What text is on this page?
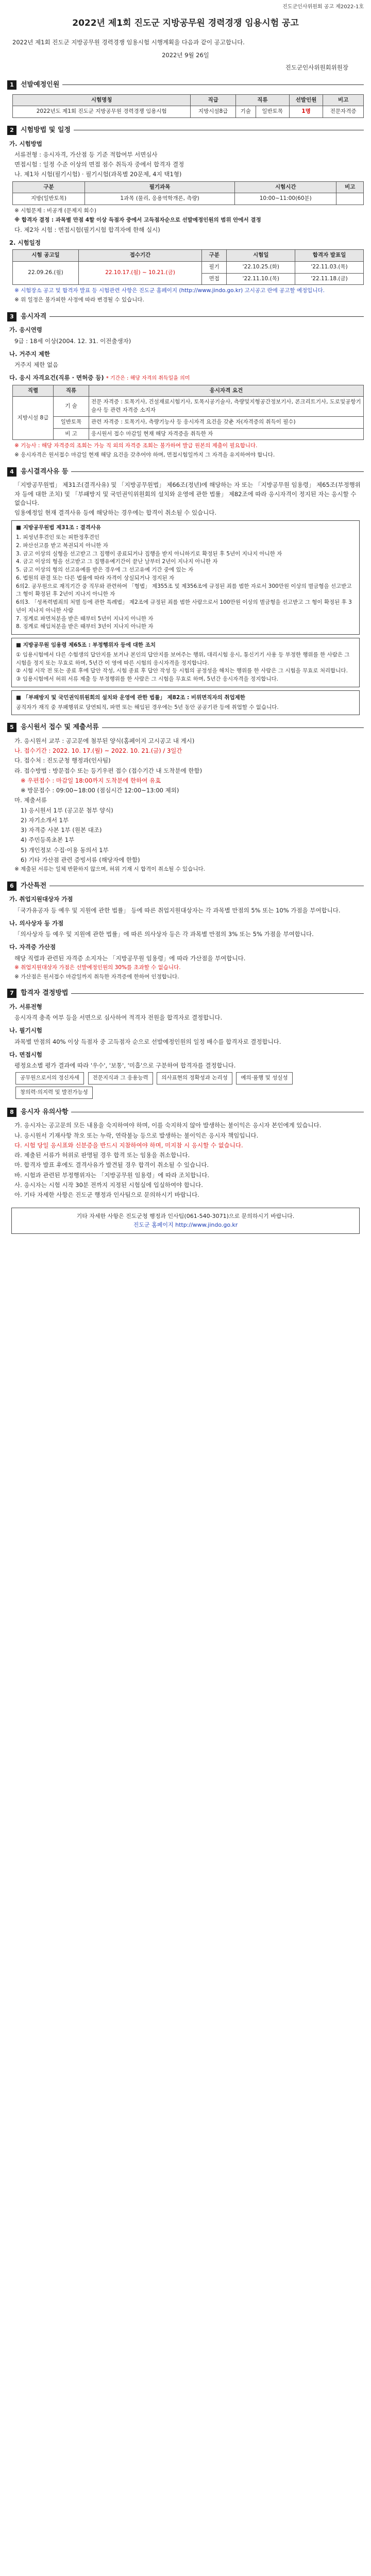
진도군인사위원회 공고 제2022-1호
2022년 제1회 진도군 지방공무원 경력경쟁 임용시험 공고
2022년 제1회 진도군 지방공무원 경력경쟁 임용시험 시행계획을 다음과 같이 공고합니다.
2022년 9월 26일
진도군인사위원회위원장
1	선발예정인원
시험명칭	직급	직류		선발인원	비고
2022년도 제1회 진도군 지방공무원 경력경쟁 임용시험	지방시설8급	기술	일반토목	1명	전문자격증
2	시험방법 및 일정
가. 시험방법
서류전형 : 응시자격, 가산점 등 기준 적합여부 서면심사
면접시험 : 일정 수준 이상의 면접 점수 취득자 중에서 합격자 결정
나. 제1차 시험(필기시험) · 필기시험(과목별 20문제, 4지 택1형)
구분	필기과목	시험시간	비고
지방(일반토목)	1과목 (물리, 응용역학개론, 측량)	10:00~11:00(60분)	
※ 시험문제 : 비공개 (문제지 회수)
※ 합격자 결정 : 과목별 만점 4할 이상 득점자 중에서 고득점자순으로 선발예정인원의 범위 안에서 결정
다. 제2차 시험 : 면접시험(필기시험 합격자에 한해 실시)
2. 시험일정
시험 공고일	접수기간	구분	시험일	합격자 발표일
22.09.26.(월)	22.10.17.(월) ~ 10.21.(금)	필기	'22.10.25.(화)	'22.11.03.(목)
		면접	'22.11.10.(목)	'22.11.18.(금)
※ 시험장소 공고 및 합격자 발표 등 시험관련 사항은 진도군 홈페이지 (http://www.jindo.go.kr) 고시공고 란에 공고할 예정입니다.
※ 위 일정은 불가피한 사정에 따라 변경될 수 있습니다.
3	응시자격
가. 응시연령
9급 : 18세 이상(2004. 12. 31. 이전출생자)
나. 거주지 제한
거주지 제한 없음
다. 응시 자격요건(직류 · 면허증 등) * 기간은 : 해당 자격의 취득일을 의미
직렬	직류	응시자격 요건
지방시설 8급	기 술	전문 자격증 : 토목기사, 건설재료시험기사, 토목시공기술사, 측량및지형공간정보기사, 콘크리트기사, 도로및공항기술사 등 관련 자격증 소지자
	일반토목	관련 자격증 : 토목기사, 측량기능사 등 응시자격 요건을 갖춘 자(자격증의 취득이 필수)
	비 고	응시원서 접수 마감일 현재 해당 자격증을 취득한 자
※ 기능사 : 해당 자격증의 조회는 가능 직 외의 자격증 조회는 불가하여 발급 원본의 제출이 필요합니다.
※ 응시자격은 원서접수 마감일 현재 해당 요건을 갖추어야 하며, 면접시험일까지 그 자격을 유지하여야 합니다.
4	응시결격사유 등
「지방공무원법」 제31조(결격사유) 및 「지방공무원법」 제66조(정년)에 해당하는 자 또는 「지방공무원 임용령」 제65조(부정행위자 등에 대한 조치) 및 「부패방지 및 국민권익위원회의 설치와 운영에 관한 법률」 제82조에 따라 응시자격이 정지된 자는 응시할 수 없습니다.
임용예정일 현재 결격사유 등에 해당하는 경우에는 합격이 취소될 수 있습니다.
■ 지방공무원법 제31조 : 결격사유
1. 피성년후견인 또는 피한정후견인
2. 파산선고를 받고 복권되지 아니한 자
3. 금고 이상의 실형을 선고받고 그 집행이 종료되거나 집행을 받지 아니하기로 확정된 후 5년이 지나지 아니한 자
4. 금고 이상의 형을 선고받고 그 집행유예기간이 끝난 날부터 2년이 지나지 아니한 자
5. 금고 이상의 형의 선고유예를 받은 경우에 그 선고유예 기간 중에 있는 자
6. 법원의 판결 또는 다른 법률에 따라 자격이 상실되거나 정지된 자
6의2. 공무원으로 재직기간 중 직무와 관련하여 「형법」 제355조 및 제356조에 규정된 죄를 범한 자로서 300만원 이상의 벌금형을 선고받고 그 형이 확정된 후 2년이 지나지 아니한 자
6의3. 「성폭력범죄의 처벌 등에 관한 특례법」 제2조에 규정된 죄를 범한 사람으로서 100만원 이상의 벌금형을 선고받고 그 형이 확정된 후 3년이 지나지 아니한 사람
7. 징계로 파면처분을 받은 때부터 5년이 지나지 아니한 자
8. 징계로 해임처분을 받은 때부터 3년이 지나지 아니한 자
■ 지방공무원 임용령 제65조 : 부정행위자 등에 대한 조치
① 임용시험에서 다른 수험생의 답안지를 보거나 본인의 답안지를 보여주는 행위, 대리시험 응시, 통신기기 사용 등 부정한 행위를 한 사람은 그 시험을 정지 또는 무효로 하며, 5년간 이 영에 따른 시험의 응시자격을 정지합니다.
② 시험 시작 전 또는 종료 후에 답안 작성, 시험 종료 후 답안 작성 등 시험의 공정성을 해치는 행위를 한 사람은 그 시험을 무효로 처리합니다.
③ 임용시험에서 허위 서류 제출 등 부정행위를 한 사람은 그 시험을 무효로 하며, 5년간 응시자격을 정지합니다.
■ 「부패방지 및 국민권익위원회의 설치와 운영에 관한 법률」 제82조 : 비위면직자의 취업제한
공직자가 재직 중 부패행위로 당연퇴직, 파면 또는 해임된 경우에는 5년 동안 공공기관 등에 취업할 수 없습니다.
5	응시원서 접수 및 제출서류
가. 응시원서 교부 : 공고문에 첨부된 양식(홈페이지 고시공고 내 게시)
나. 접수기간 : 2022. 10. 17.(월) ~ 2022. 10. 21.(금) / 3일간
다. 접수처 : 진도군청 행정과(인사팀)
라. 접수방법 : 방문접수 또는 등기우편 접수 (접수기간 내 도착분에 한함)
※ 우편접수 : 마감일 18:00까지 도착분에 한하여 유효
※ 방문접수 : 09:00~18:00 (점심시간 12:00~13:00 제외)
마. 제출서류
1) 응시원서 1부 (공고문 첨부 양식)
2) 자기소개서 1부
3) 자격증 사본 1부 (원본 대조)
4) 주민등록초본 1부
5) 개인정보 수집·이용 동의서 1부
6) 기타 가산점 관련 증빙서류 (해당자에 한함)
※ 제출된 서류는 일체 반환하지 않으며, 허위 기재 시 합격이 취소될 수 있습니다.
6	가산특전
가. 취업지원대상자 가점
「국가유공자 등 예우 및 지원에 관한 법률」 등에 따른 취업지원대상자는 각 과목별 만점의 5% 또는 10% 가점을 부여합니다.
나. 의사상자 등 가점
「의사상자 등 예우 및 지원에 관한 법률」에 따른 의사상자 등은 각 과목별 만점의 3% 또는 5% 가점을 부여합니다.
다. 자격증 가산점
해당 직렬과 관련된 자격증 소지자는 「지방공무원 임용령」에 따라 가산점을 부여합니다.
※ 취업지원대상자 가점은 선발예정인원의 30%를 초과할 수 없습니다.
※ 가산점은 원서접수 마감일까지 취득한 자격증에 한하여 인정합니다.
7	합격자 결정방법
가. 서류전형
응시자격 충족 여부 등을 서면으로 심사하여 적격자 전원을 합격자로 결정합니다.
나. 필기시험
과목별 만점의 40% 이상 득점자 중 고득점자 순으로 선발예정인원의 일정 배수를 합격자로 결정합니다.
다. 면접시험
평정요소별 평가 결과에 따라 '우수', '보통', '미흡'으로 구분하여 합격자를 결정합니다.
공무원으로서의 정신자세 전문지식과 그 응용능력 의사표현의 정확성과 논리성 예의·품행 및 성실성 창의력·의지력 및 발전가능성
8	응시자 유의사항
가. 응시자는 공고문의 모든 내용을 숙지하여야 하며, 이를 숙지하지 않아 발생하는 불이익은 응시자 본인에게 있습니다.
나. 응시원서 기재사항 착오 또는 누락, 연락불능 등으로 발생하는 불이익은 응시자 책임입니다.
다. 시험 당일 응시표와 신분증을 반드시 지참하여야 하며, 미지참 시 응시할 수 없습니다.
라. 제출된 서류가 허위로 판명될 경우 합격 또는 임용을 취소합니다.
마. 합격자 발표 후에도 결격사유가 발견될 경우 합격이 취소될 수 있습니다.
바. 시험과 관련된 부정행위자는 「지방공무원 임용령」에 따라 조치합니다.
사. 응시자는 시험 시작 30분 전까지 지정된 시험실에 입실하여야 합니다.
아. 기타 자세한 사항은 진도군 행정과 인사팀으로 문의하시기 바랍니다.
기타 자세한 사항은 진도군청 행정과 인사팀(061-540-3071)으로 문의하시기 바랍니다.
진도군 홈페이지 http://www.jindo.go.kr
